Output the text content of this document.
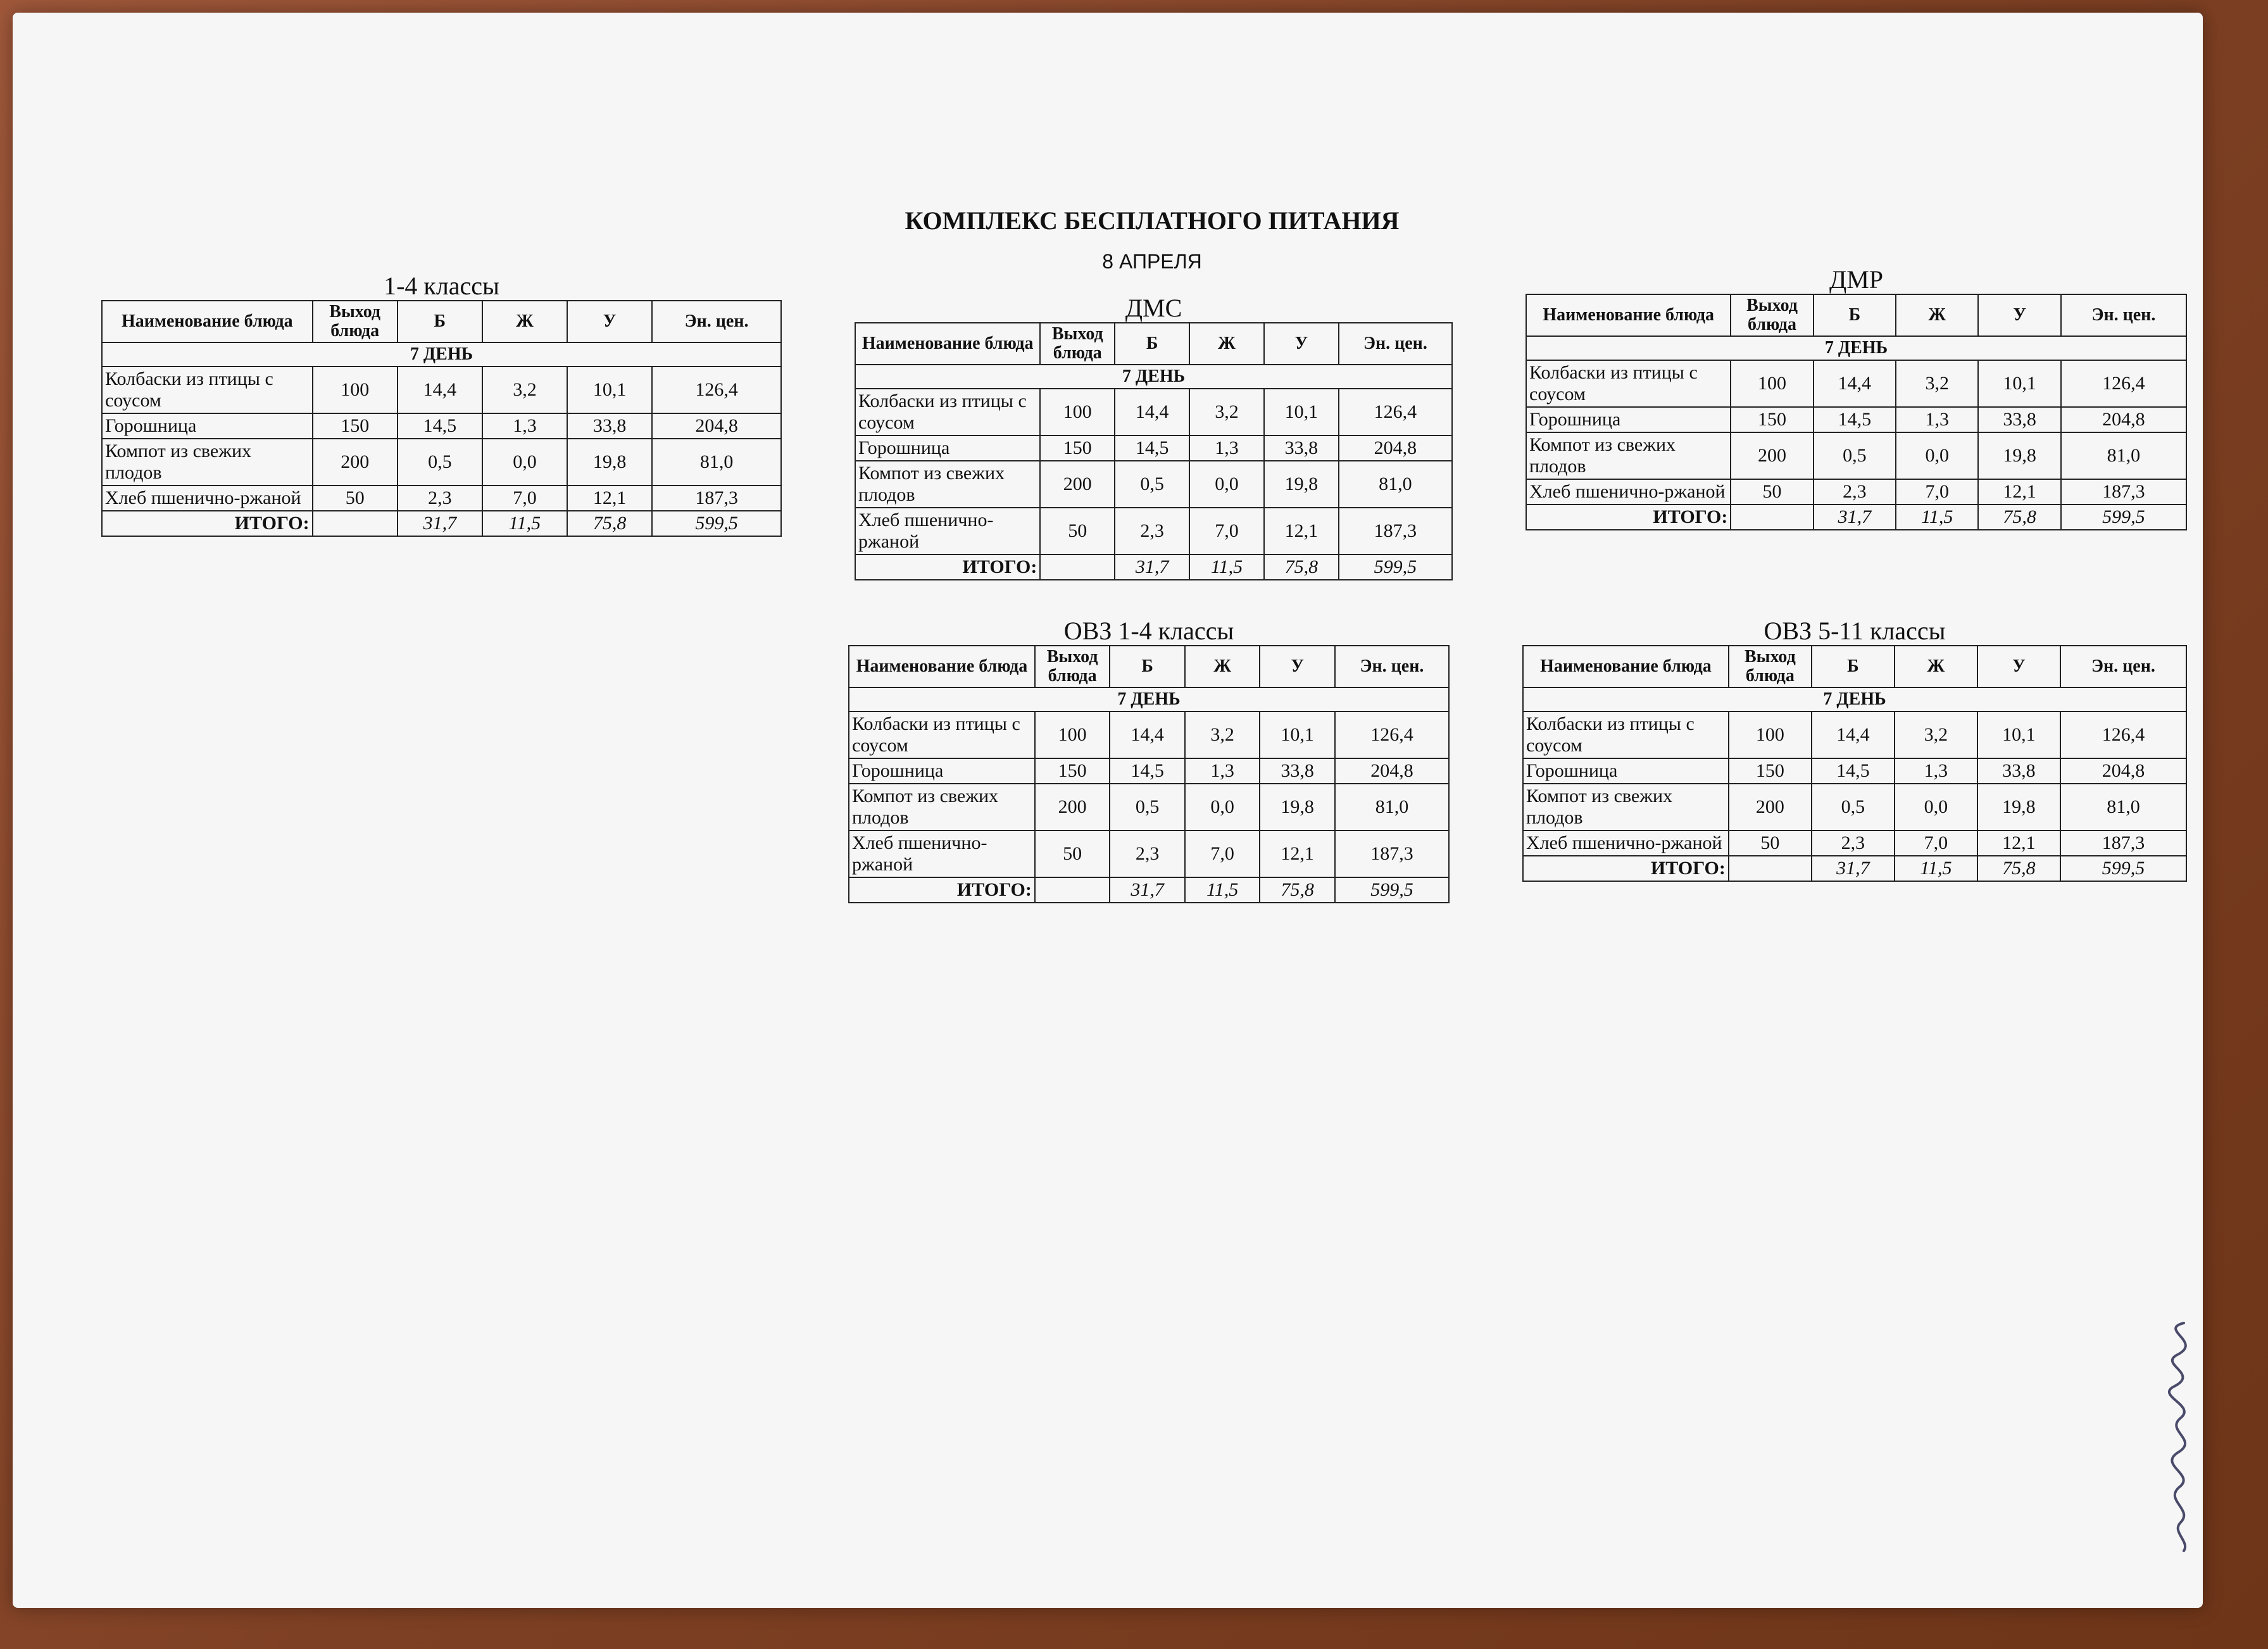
КОМПЛЕКС БЕСПЛАТНОГО ПИТАНИЯ
8 АПРЕЛЯ
1-4 классы
Наименование блюда	Выход блюда	Б	Ж	У	Эн. цен.
7 ДЕНЬ					
Колбаски из птицы с соусом	100	14,4	3,2	10,1	126,4
Горошница	150	14,5	1,3	33,8	204,8
Компот из свежих плодов	200	0,5	0,0	19,8	81,0
Хлеб пшенично-ржаной	50	2,3	7,0	12,1	187,3
ИТОГО:		31,7	11,5	75,8	599,5
ДМС
Наименование блюда	Выход блюда	Б	Ж	У	Эн. цен.
7 ДЕНЬ					
Колбаски из птицы с соусом	100	14,4	3,2	10,1	126,4
Горошница	150	14,5	1,3	33,8	204,8
Компот из свежих плодов	200	0,5	0,0	19,8	81,0
Хлеб пшенично-ржаной	50	2,3	7,0	12,1	187,3
ИТОГО:		31,7	11,5	75,8	599,5
ДМР
Наименование блюда	Выход блюда	Б	Ж	У	Эн. цен.
7 ДЕНЬ					
Колбаски из птицы с соусом	100	14,4	3,2	10,1	126,4
Горошница	150	14,5	1,3	33,8	204,8
Компот из свежих плодов	200	0,5	0,0	19,8	81,0
Хлеб пшенично-ржаной	50	2,3	7,0	12,1	187,3
ИТОГО:		31,7	11,5	75,8	599,5
ОВЗ 1-4 классы
Наименование блюда	Выход блюда	Б	Ж	У	Эн. цен.
7 ДЕНЬ					
Колбаски из птицы с соусом	100	14,4	3,2	10,1	126,4
Горошница	150	14,5	1,3	33,8	204,8
Компот из свежих плодов	200	0,5	0,0	19,8	81,0
Хлеб пшенично-ржаной	50	2,3	7,0	12,1	187,3
ИТОГО:		31,7	11,5	75,8	599,5
ОВЗ 5-11 классы
Наименование блюда	Выход блюда	Б	Ж	У	Эн. цен.
7 ДЕНЬ					
Колбаски из птицы с соусом	100	14,4	3,2	10,1	126,4
Горошница	150	14,5	1,3	33,8	204,8
Компот из свежих плодов	200	0,5	0,0	19,8	81,0
Хлеб пшенично-ржаной	50	2,3	7,0	12,1	187,3
ИТОГО:		31,7	11,5	75,8	599,5
